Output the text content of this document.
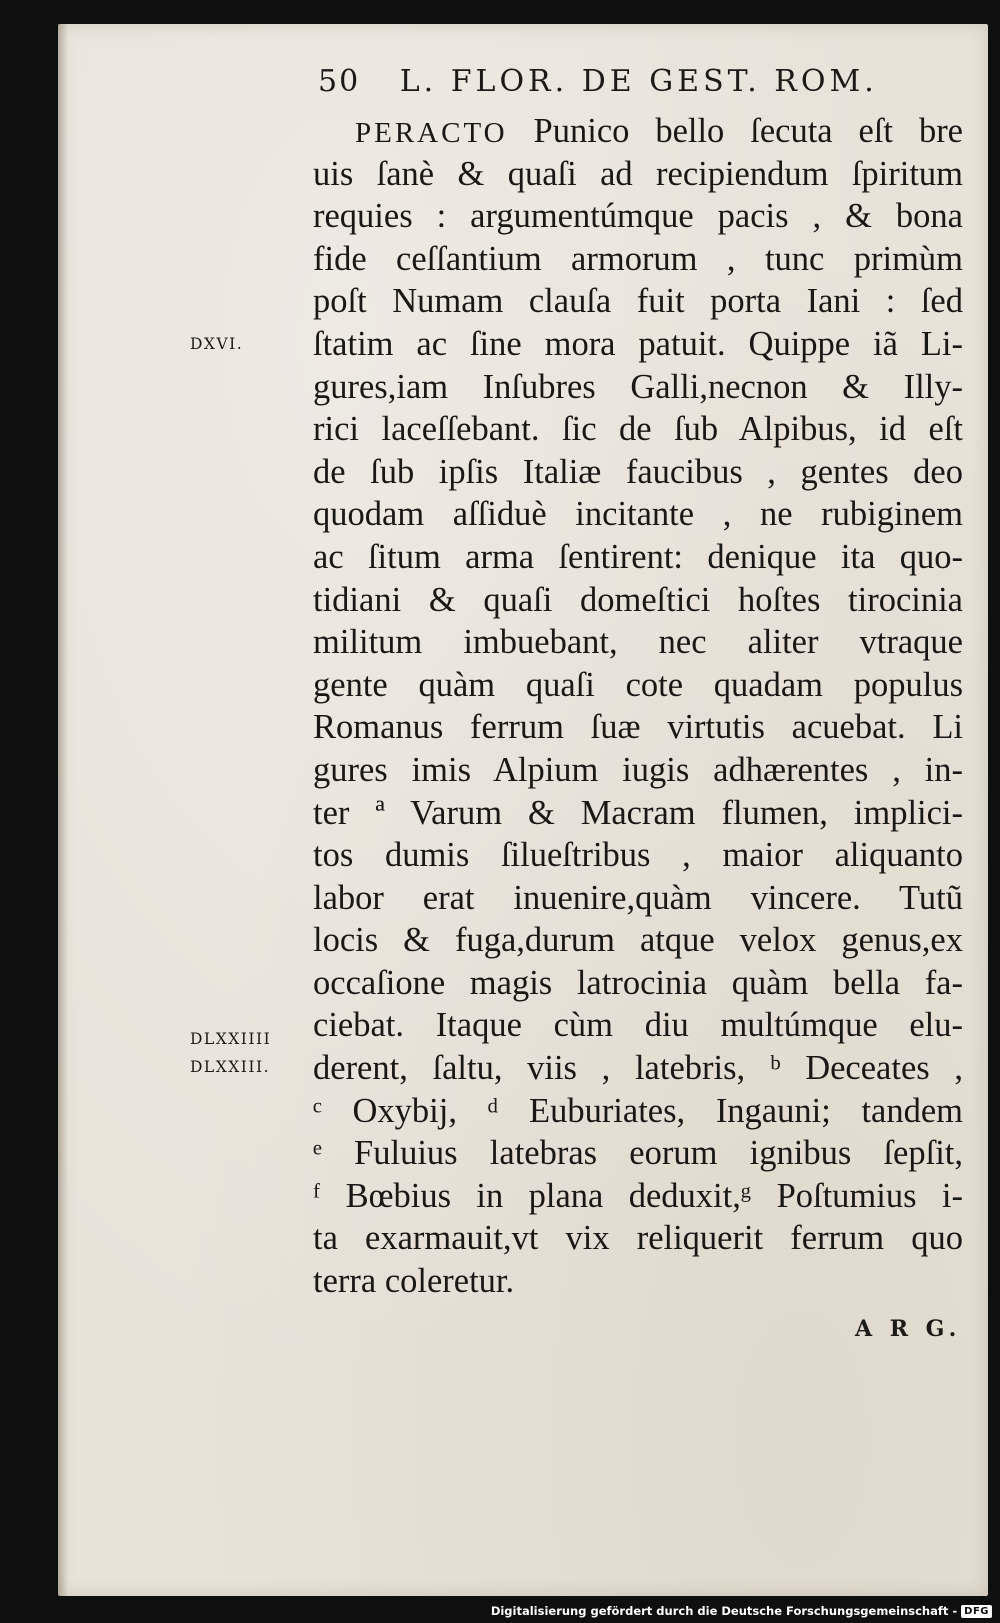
50 L. FLOR. DE GEST. ROM.
PERACTO Punico bello ſecuta eſt bre
uis ſanè & quaſi ad recipiendum ſpiritum
requies : argumentúmque pacis , & bona
fide ceſſantium armorum , tunc primùm
poſt Numam clauſa fuit porta Iani : ſed
ſtatim ac ſine mora patuit. Quippe iã Li-
gures,iam Inſubres Galli,necnon & Illy-
rici laceſſebant. ſic de ſub Alpibus, id eſt
de ſub ipſis Italiæ faucibus , gentes deo
quodam aſſiduè incitante , ne rubiginem
ac ſitum arma ſentirent: denique ita quo-
tidiani & quaſi domeſtici hoſtes tirocinia
militum imbuebant, nec aliter vtraque
gente quàm quaſi cote quadam populus
Romanus ferrum ſuæ virtutis acuebat. Li
gures imis Alpium iugis adhærentes , in-
ter ª Varum & Macram flumen, implici-
tos dumis ſilueſtribus , maior aliquanto
labor erat inuenire,quàm vincere. Tutũ
locis & fuga,durum atque velox genus,ex
occaſione magis latrocinia quàm bella fa-
ciebat. Itaque cùm diu multúmque elu-
derent, ſaltu, viis , latebris, ᵇ Deceates ,
ᶜ Oxybij, ᵈ Euburiates, Ingauni; tandem
ᵉ Fuluius latebras eorum ignibus ſepſit,
ᶠ Bœbius in plana deduxit,ᵍ Poſtumius i-
ta exarmauit,vt vix reliquerit ferrum quo
terra coleretur.
DXVI.
DLXXIIII
DLXXIII.
A R G.
Digitalisierung gefördert durch die Deutsche Forschungsgemeinschaft - DFG
